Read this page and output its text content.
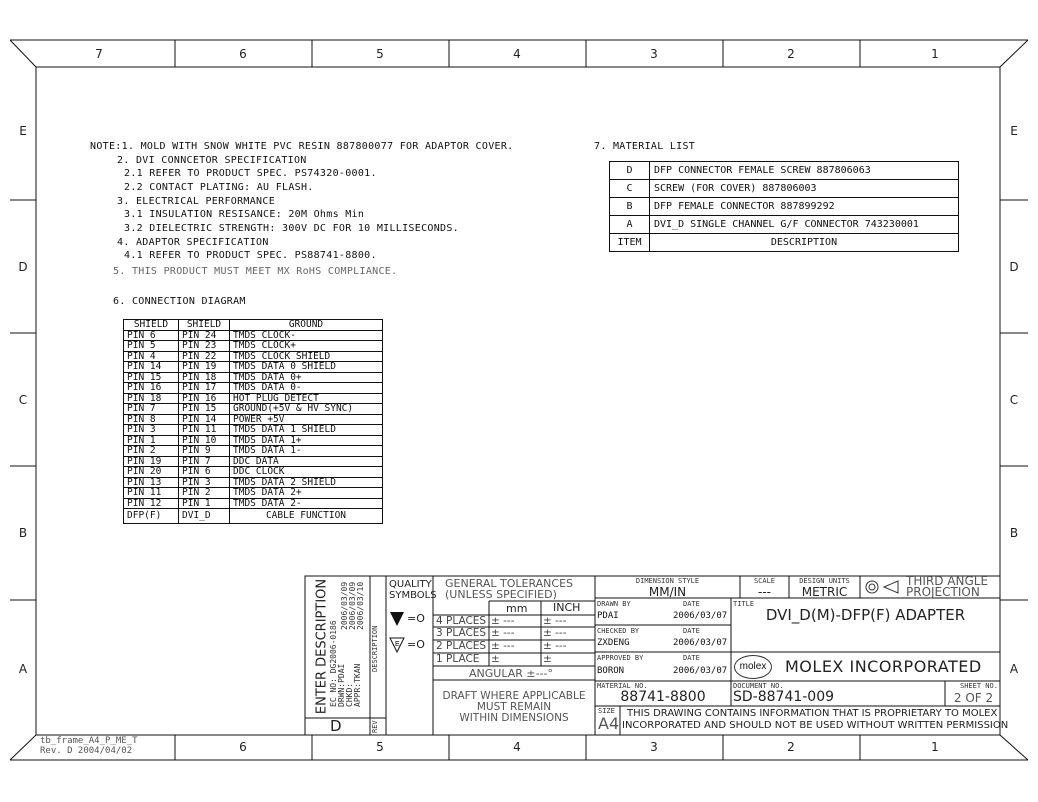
7	6	5	4	3	2	1
6	5	4	3	2	1
E
D
C
B
A
E
D
C
B
A
tb_frame_A4_P_ME_T
Rev. D 2004/04/02
NOTE:1. MOLD WITH SNOW WHITE PVC RESIN 887800077 FOR ADAPTOR COVER.
2. DVI CONNCETOR SPECIFICATION
2.1 REFER TO PRODUCT SPEC. PS74320-0001.
2.2 CONTACT PLATING: AU FLASH.
3. ELECTRICAL PERFORMANCE
3.1 INSULATION RESISANCE: 20M Ohms Min
3.2 DIELECTRIC STRENGTH: 300V DC FOR 10 MILLISECONDS.
4. ADAPTOR SPECIFICATION
4.1 REFER TO PRODUCT SPEC. PS88741-8800.
5. THIS PRODUCT MUST MEET MX RoHS COMPLIANCE.
6. CONNECTION DIAGRAM
SHIELD	SHIELD	GROUND
PIN 6	PIN 24	TMDS CLOCK-
PIN 5	PIN 23	TMDS CLOCK+
PIN 4	PIN 22	TMDS CLOCK SHIELD
PIN 14	PIN 19	TMDS DATA 0 SHIELD
PIN 15	PIN 18	TMDS DATA 0+
PIN 16	PIN 17	TMDS DATA 0-
PIN 18	PIN 16	HOT PLUG DETECT
PIN 7	PIN 15	GROUND(+5V & HV SYNC)
PIN 8	PIN 14	POWER +5V
PIN 3	PIN 11	TMDS DATA 1 SHIELD
PIN 1	PIN 10	TMDS DATA 1+
PIN 2	PIN 9	TMDS DATA 1-
PIN 19	PIN 7	DDC DATA
PIN 20	PIN 6	DDC CLOCK
PIN 13	PIN 3	TMDS DATA 2 SHIELD
PIN 11	PIN 2	TMDS DATA 2+
PIN 12	PIN 1	TMDS DATA 2-
DFP(F)	DVI_D	CABLE FUNCTION
7. MATERIAL LIST
D	DFP CONNECTOR FEMALE SCREW 887806063
C	SCREW (FOR COVER) 887806003
B	DFP FEMALE CONNECTOR 887899292
A	DVI_D SINGLE CHANNEL G/F CONNECTOR 743230001
ITEM	DESCRIPTION
ENTER DESCRIPTION EC NO: DG2006-0186 DRWN:PDAI CHKD: APPR:TKAN
2006/03/09 2006/03/09 2006/03/10
D
DESCRIPTION
REV
QUALITY
SYMBOLS
=O
E =O
GENERAL TOLERANCES
(UNLESS SPECIFIED)
mm INCH
4 PLACES ± ---	± ---
3 PLACES ± ---	± ---
2 PLACES ± ---	± ---
1 PLACE ±	±
ANGULAR ±---°
DRAFT WHERE APPLICABLE
MUST REMAIN
WITHIN DIMENSIONS
DIMENSION STYLE
MM/IN
SCALE
---
DESIGN UNITS
METRIC
THIRD ANGLE
PROJECTION
DRAWN BY	DATE
PDAI	2006/03/07
CHECKED BY	DATE
ZXDENG	2006/03/07
APPROVED BY	DATE
BORON	2006/03/07
TITLE
DVI_D(M)-DFP(F) ADAPTER
molex	MOLEX INCORPORATED
MATERIAL NO.
88741-8800
DOCUMENT NO.
SD-88741-009
SHEET NO.
2 OF 2
SIZE
A4
THIS DRAWING CONTAINS INFORMATION THAT IS PROPRIETARY TO MOLEX
INCORPORATED AND SHOULD NOT BE USED WITHOUT WRITTEN PERMISSION
